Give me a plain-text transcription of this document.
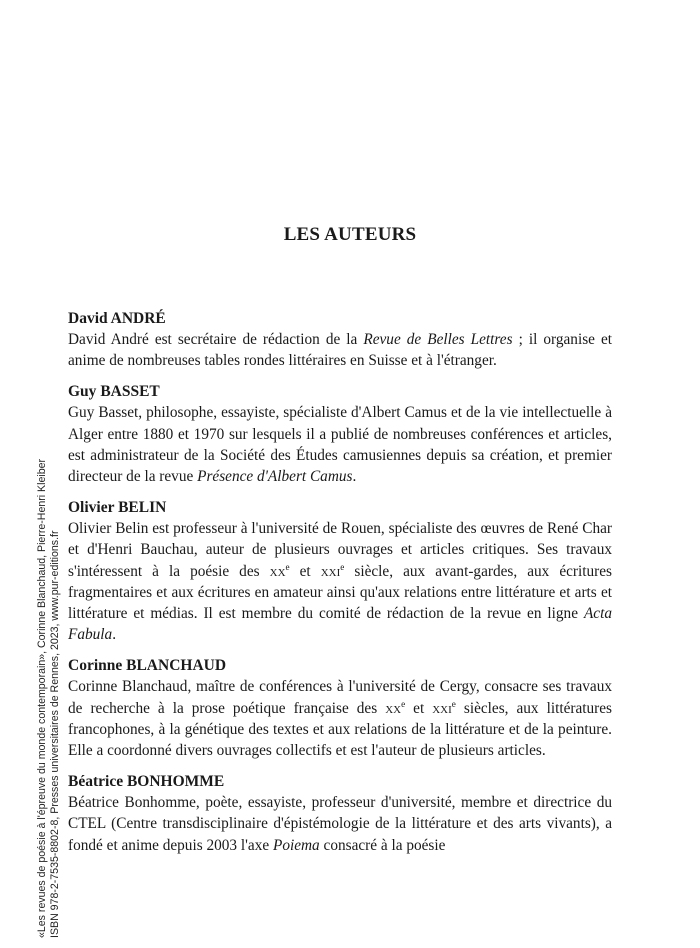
«Les revues de poésie à l'épreuve du monde contemporain», Corinne Blanchaud, Pierre-Henri Kleiber ISBN 978-2-7535-8802-8, Presses universitaires de Rennes, 2023, www.pur-editions.fr
LES AUTEURS
David ANDRÉ

David André est secrétaire de rédaction de la Revue de Belles Lettres ; il organise et anime de nombreuses tables rondes littéraires en Suisse et à l'étranger.

Guy BASSET

Guy Basset, philosophe, essayiste, spécialiste d'Albert Camus et de la vie intellectuelle à Alger entre 1880 et 1970 sur lesquels il a publié de nombreuses conférences et articles, est administrateur de la Société des Études camusiennes depuis sa création, et premier directeur de la revue Présence d'Albert Camus.

Olivier BELIN

Olivier Belin est professeur à l'université de Rouen, spécialiste des œuvres de René Char et d'Henri Bauchau, auteur de plusieurs ouvrages et articles critiques. Ses travaux s'intéressent à la poésie des $xx^e$ et xxi$^e$ siècle, aux avant-gardes, aux écritures fragmentaires et aux écritures en amateur ainsi qu'aux relations entre littérature et arts et littérature et médias. Il est membre du comité de rédaction de la revue en ligne Acta Fabula.

Corinne BLANCHAUD

Corinne Blanchaud, maître de conférences à l'université de Cergy, consacre ses travaux de recherche à la prose poétique française des $xx^e$ et xxi$^e$ siècles, aux littératures francophones, à la génétique des textes et aux relations de la littérature et de la peinture. Elle a coordonné divers ouvrages collectifs et est l'auteur de plusieurs articles.

Béatrice BONHOMME

Béatrice Bonhomme, poète, essayiste, professeur d'université, membre et directrice du CTEL (Centre transdisciplinaire d'épistémologie de la littérature et des arts vivants), a fondé et anime depuis 2003 l'axe Poiema consacré à la poésie
